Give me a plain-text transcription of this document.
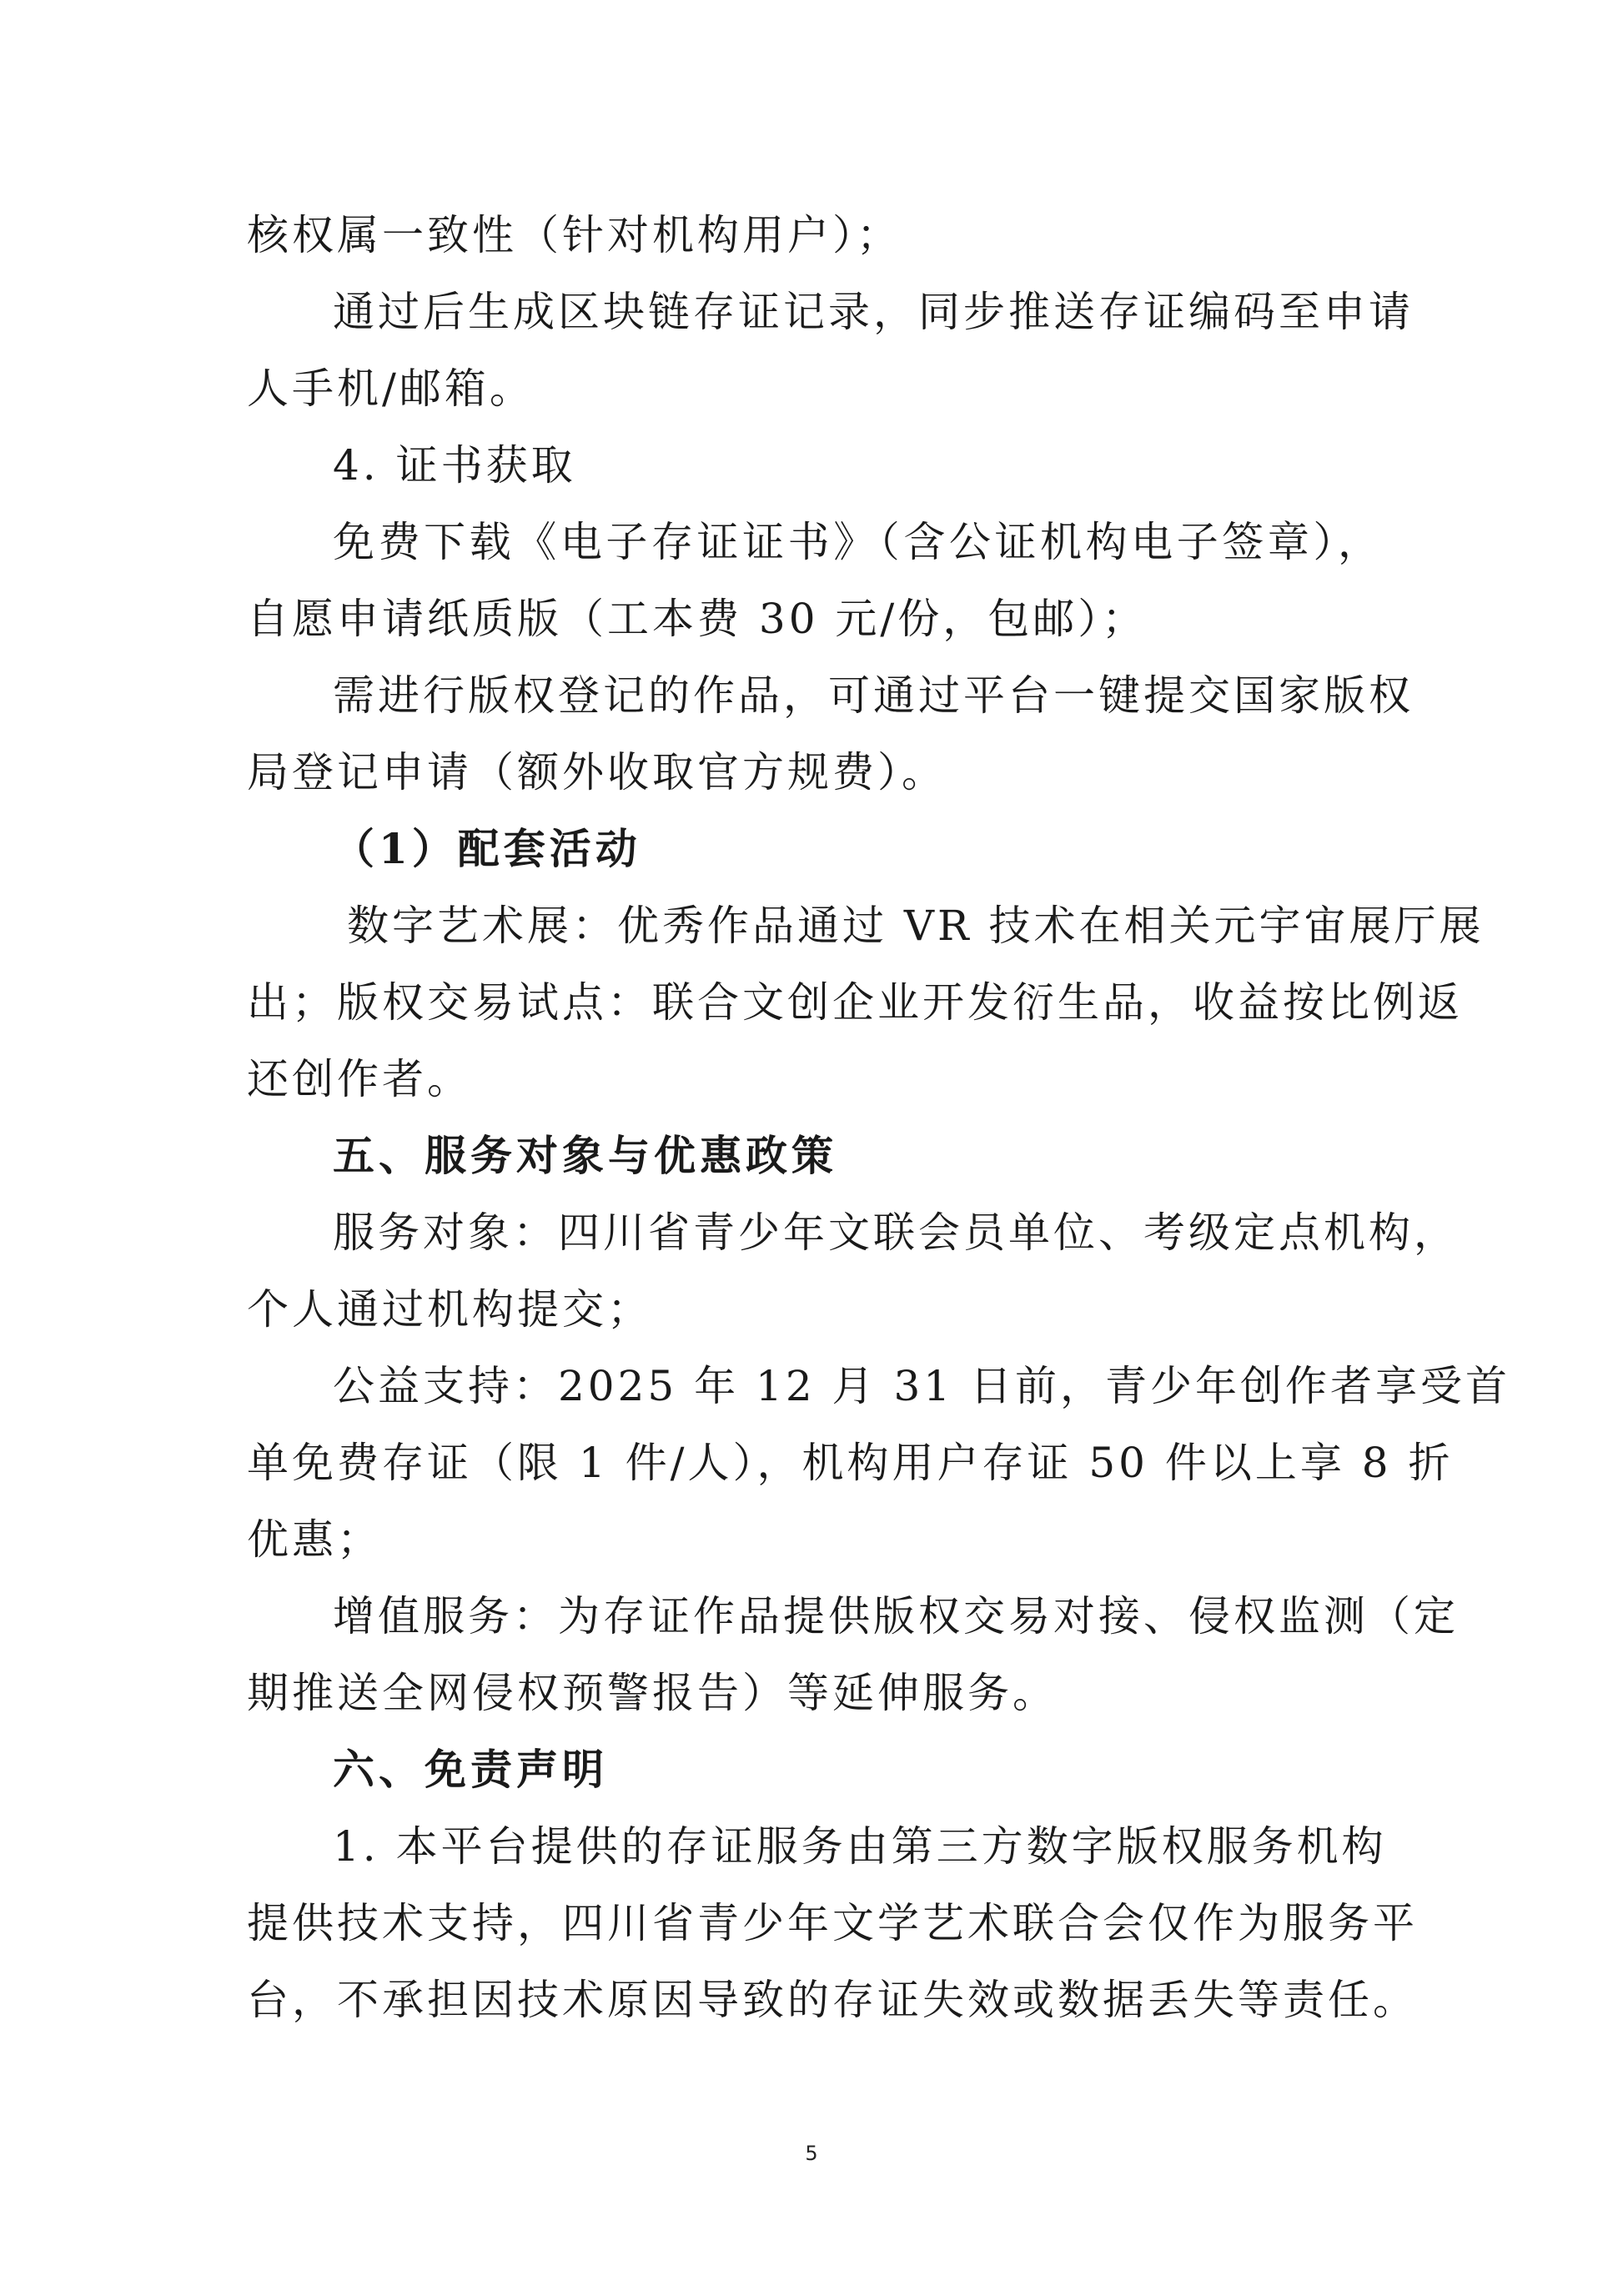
核权属一致性（针对机构用户）；
通过后生成区块链存证记录，同步推送存证编码至申请
人手机/邮箱。
4. 证书获取
免费下载《电子存证证书》（含公证机构电子签章），
自愿申请纸质版（工本费 30 元/份，包邮）；
需进行版权登记的作品，可通过平台一键提交国家版权
局登记申请（额外收取官方规费）。
（1）配套活动
数字艺术展：优秀作品通过 VR 技术在相关元宇宙展厅展
出；版权交易试点：联合文创企业开发衍生品，收益按比例返
还创作者。
五、服务对象与优惠政策
服务对象：四川省青少年文联会员单位、考级定点机构，
个人通过机构提交；
公益支持：2025 年 12 月 31 日前，青少年创作者享受首
单免费存证（限 1 件/人），机构用户存证 50 件以上享 8 折
优惠；
增值服务：为存证作品提供版权交易对接、侵权监测（定
期推送全网侵权预警报告）等延伸服务。
六、免责声明
1. 本平台提供的存证服务由第三方数字版权服务机构
提供技术支持，四川省青少年文学艺术联合会仅作为服务平
台，不承担因技术原因导致的存证失效或数据丢失等责任。
5
